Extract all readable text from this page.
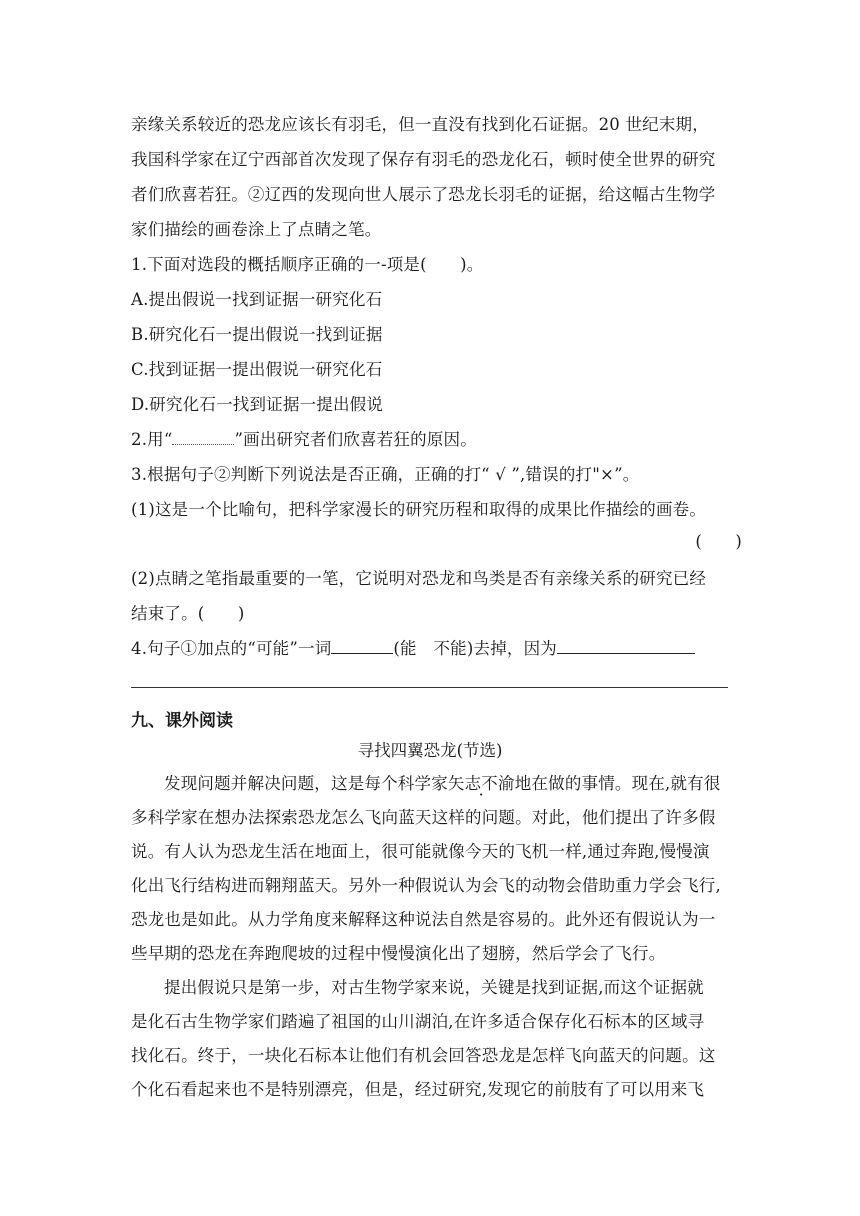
亲缘关系较近的恐龙应该长有羽毛，但一直没有找到化石证据。20 世纪末期，
我国科学家在辽宁西部首次发现了保存有羽毛的恐龙化石，顿时使全世界的研究
者们欣喜若狂。②辽西的发现向世人展示了恐龙长羽毛的证据，给这幅古生物学
家们描绘的画卷涂上了点睛之笔。
1.下面对选段的概括顺序正确的一-项是(　　)。
A.提出假说一找到证据一研究化石
B.研究化石一提出假说一找到证据
C.找到证据一提出假说一研究化石
D.研究化石一找到证据一提出假说
2.用“	”画出研究者们欣喜若狂的原因。
3.根据句子②判断下列说法是否正确，正确的打“ √ ”,错误的打"×”。
(1)这是一个比喻句，把科学家漫长的研究历程和取得的成果比作描绘的画卷。
(　　)
(2)点睛之笔指最重要的一笔，它说明对恐龙和鸟类是否有亲缘关系的研究已经
结束了。(　　)
4.句子①加点的“可能”一词	(能　不能)去掉，因为
九、课外阅读
寻找四翼恐龙(节选)
发现问题并解决问题，这是每个科学家矢志不渝地在做的事情。现在,就有很
多科学家在想办法探索恐龙怎么飞向蓝天这样的问题。对此，他们提出了许多假
说。有人认为恐龙生活在地面上，很可能就像今天的飞机一样,通过奔跑,慢慢演
化出飞行结构进而翱翔蓝天。另外一种假说认为会飞的动物会借助重力学会飞行,
恐龙也是如此。从力学角度来解释这种说法自然是容易的。此外还有假说认为一
些早期的恐龙在奔跑爬坡的过程中慢慢演化出了翅膀，然后学会了飞行。
提出假说只是第一步，对古生物学家来说，关键是找到证据,而这个证据就
是化石古生物学家们踏遍了祖国的山川湖泊,在许多适合保存化石标本的区域寻
找化石。终于，一块化石标本让他们有机会回答恐龙是怎样飞向蓝天的问题。这
个化石看起来也不是特别漂亮，但是，经过研究,发现它的前肢有了可以用来飞
